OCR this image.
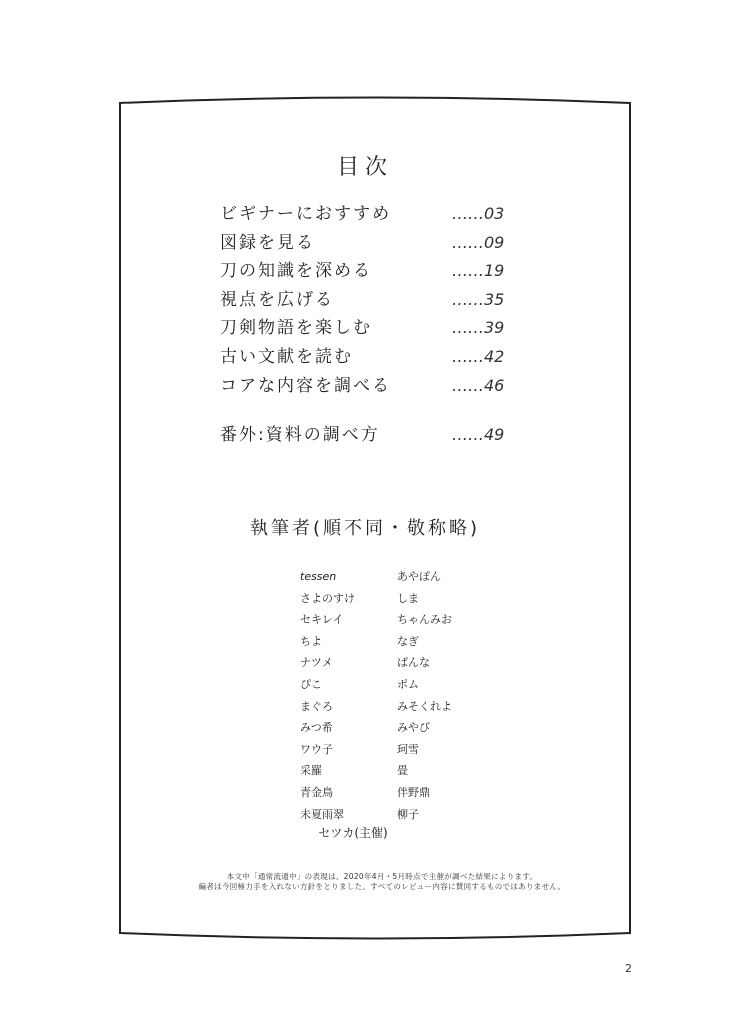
目次
ビギナーにおすすめ	……03
図録を見る	……09
刀の知識を深める	……19
視点を広げる	……35
刀剣物語を楽しむ	……39
古い文献を読む	……42
コアな内容を調べる	……46
番外:資料の調べ方	……49
執筆者(順不同・敬称略)
tessen	あやぽん
さよのすけ	しま
セキレイ	ちゃんみお
ちよ	なぎ
ナツメ	ぱんな
ぴこ	ポム
まぐろ	みそくれよ
みつ希	みやび
ワウ子	珂雪
采羅	畳
青金鳥	伴野鼎
未夏雨翠	柳子
セツカ(主催)
本文中「通常流通中」の表現は、2020年4月・5月時点で主催が調べた結果によります。
編者は今回極力手を入れない方針をとりました。すべてのレビュー内容に賛同するものではありません。
2
